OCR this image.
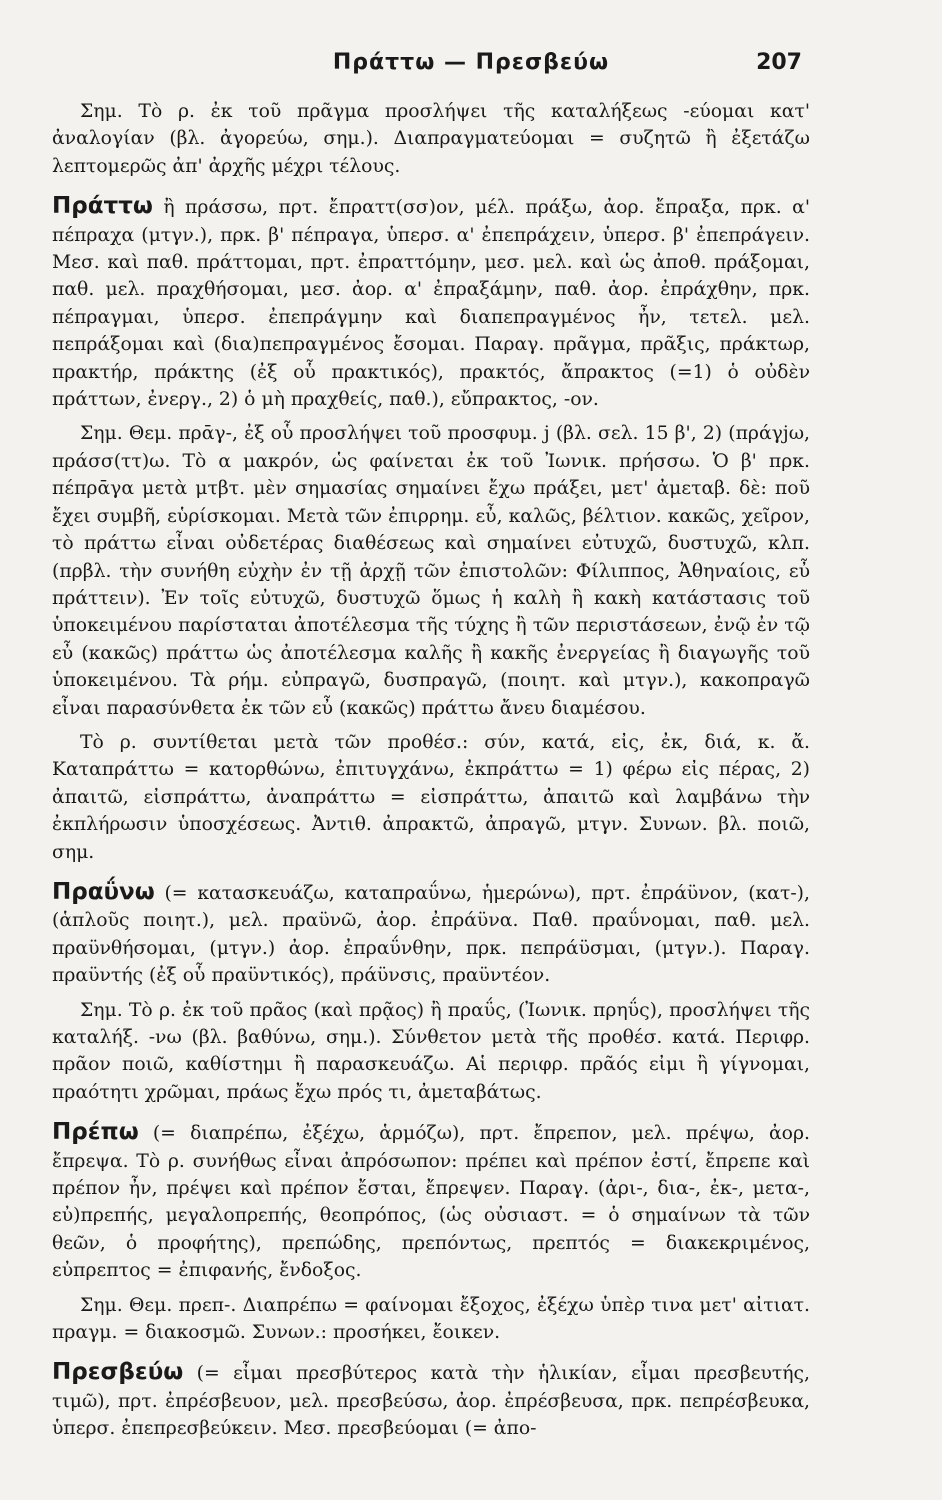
Πράττω — Πρεσβεύω	207

Σημ. Τὸ ρ. ἐκ τοῦ πρᾶγμα προσλήψει τῆς καταλήξεως -εύομαι κατ' ἀναλογίαν (βλ. ἀγορεύω, σημ.). Διαπραγματεύομαι = συζητῶ ἢ ἐξετάζω λεπτομερῶς ἀπ' ἀρχῆς μέχρι τέλους.

Πράττω ἢ πράσσω, πρτ. ἔπραττ(σσ)ον, μέλ. πράξω, ἀορ. ἔπραξα, πρκ. α' πέπραχα (μτγν.), πρκ. β' πέπραγα, ὑπερσ. α' ἐπεπράχειν, ὑπερσ. β' ἐπεπράγειν. Μεσ. καὶ παθ. πράττομαι, πρτ. ἐπραττόμην, μεσ. μελ. καὶ ὡς ἀποθ. πράξομαι, παθ. μελ. πραχθήσομαι, μεσ. ἀορ. α' ἐπραξάμην, παθ. ἀορ. ἐπράχθην, πρκ. πέπραγμαι, ὑπερσ. ἐπεπράγμην καὶ διαπεπραγμένος ἦν, τετελ. μελ. πεπράξομαι καὶ (δια)πεπραγμένος ἔσομαι. Παραγ. πρᾶγμα, πρᾶξις, πράκτωρ, πρακτήρ, πράκτης (ἐξ οὗ πρακτικός), πρακτός, ἄπρακτος (=1) ὁ οὐδὲν πράττων, ἐνεργ., 2) ὁ μὴ πραχθείς, παθ.), εὔπρακτος, -ον.

Σημ. Θεμ. πρᾱγ-, ἐξ οὗ προσλήψει τοῦ προσφυμ. j (βλ. σελ. 15 β', 2) (πράγjω, πράσσ(ττ)ω. Τὸ α μακρόν, ὡς φαίνεται ἐκ τοῦ Ἰωνικ. πρήσσω. Ὁ β' πρκ. πέπρᾱγα μετὰ μτβτ. μὲν σημασίας σημαίνει ἔχω πράξει, μετ' ἀμεταβ. δὲ: ποῦ ἔχει συμβῆ, εὑρίσκομαι. Μετὰ τῶν ἐπιρρημ. εὖ, καλῶς, βέλτιον. κακῶς, χεῖρον, τὸ πράττω εἶναι οὐδετέρας διαθέσεως καὶ σημαίνει εὐτυχῶ, δυστυχῶ, κλπ. (πρβλ. τὴν συνήθη εὐχὴν ἐν τῇ ἀρχῇ τῶν ἐπιστολῶν: Φίλιππος, Ἀθηναίοις, εὖ πράττειν). Ἐν τοῖς εὐτυχῶ, δυστυχῶ ὅμως ἡ καλὴ ἢ κακὴ κατάστασις τοῦ ὑποκειμένου παρίσταται ἀποτέλεσμα τῆς τύχης ἢ τῶν περιστάσεων, ἐνῷ ἐν τῷ εὖ (κακῶς) πράττω ὡς ἀποτέλεσμα καλῆς ἢ κακῆς ἐνεργείας ἢ διαγωγῆς τοῦ ὑποκειμένου. Τὰ ρήμ. εὐπραγῶ, δυσπραγῶ, (ποιητ. καὶ μτγν.), κακοπραγῶ εἶναι παρασύνθετα ἐκ τῶν εὖ (κακῶς) πράττω ἄνευ διαμέσου.

Τὸ ρ. συντίθεται μετὰ τῶν προθέσ.: σύν, κατά, εἰς, ἐκ, διά, κ. ἄ. Καταπράττω = κατορθώνω, ἐπιτυγχάνω, ἐκπράττω = 1) φέρω εἰς πέρας, 2) ἀπαιτῶ, εἰσπράττω, ἀναπράττω = εἰσπράττω, ἀπαιτῶ καὶ λαμβάνω τὴν ἐκπλήρωσιν ὑποσχέσεως. Ἀντιθ. ἀπρακτῶ, ἀπραγῶ, μτγν. Συνων. βλ. ποιῶ, σημ.

Πραΰνω (= κατασκευάζω, καταπραΰνω, ἡμερώνω), πρτ. ἐπράϋνον, (κατ-), (ἁπλοῦς ποιητ.), μελ. πραϋνῶ, ἀορ. ἐπράϋνα. Παθ. πραΰνομαι, παθ. μελ. πραϋνθήσομαι, (μτγν.) ἀορ. ἐπραΰνθην, πρκ. πεπράϋσμαι, (μτγν.). Παραγ. πραϋντής (ἐξ οὗ πραϋντικός), πράϋνσις, πραϋντέον.

Σημ. Τὸ ρ. ἐκ τοῦ πρᾶος (καὶ πρᾷος) ἢ πραΰς, (Ἰωνικ. πρηΰς), προσλήψει τῆς καταλήξ. -νω (βλ. βαθύνω, σημ.). Σύνθετον μετὰ τῆς προθέσ. κατά. Περιφρ. πρᾶον ποιῶ, καθίστημι ἢ παρασκευάζω. Αἱ περιφρ. πρᾶός εἰμι ἢ γίγνομαι, πραότητι χρῶμαι, πράως ἔχω πρός τι, ἀμεταβάτως.

Πρέπω (= διαπρέπω, ἐξέχω, ἁρμόζω), πρτ. ἔπρεπον, μελ. πρέψω, ἀορ. ἔπρεψα. Τὸ ρ. συνήθως εἶναι ἀπρόσωπον: πρέπει καὶ πρέπον ἐστί, ἔπρεπε καὶ πρέπον ἦν, πρέψει καὶ πρέπον ἔσται, ἔπρεψεν. Παραγ. (ἀρι-, δια-, ἐκ-, μετα-, εὐ)πρεπής, μεγαλοπρεπής, θεοπρόπος, (ὡς οὐσιαστ. = ὁ σημαίνων τὰ τῶν θεῶν, ὁ προφήτης), πρεπώδης, πρεπόντως, πρεπτός = διακεκριμένος, εὐπρεπτος = ἐπιφανής, ἔνδοξος.

Σημ. Θεμ. πρεπ-. Διαπρέπω = φαίνομαι ἔξοχος, ἐξέχω ὑπὲρ τινα μετ' αἰτιατ. πραγμ. = διακοσμῶ. Συνων.: προσήκει, ἔοικεν.

Πρεσβεύω (= εἶμαι πρεσβύτερος κατὰ τὴν ἡλικίαν, εἶμαι πρεσβευτής, τιμῶ), πρτ. ἐπρέσβευον, μελ. πρεσβεύσω, ἀορ. ἐπρέσβευσα, πρκ. πεπρέσβευκα, ὑπερσ. ἐπεπρεσβεύκειν. Μεσ. πρεσβεύομαι (= ἀπο-
